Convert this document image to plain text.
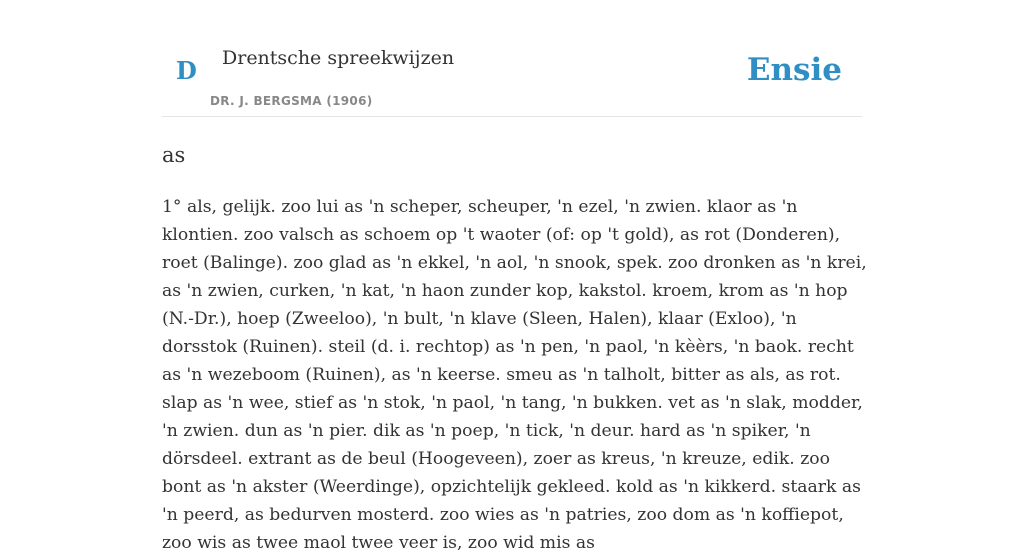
D Drentsche spreekwijzen
DR. J. BERGSMA (1906)
Ensie
as

1° als, gelijk. zoo lui as 'n scheper, scheuper, 'n ezel, 'n zwien. klaor as 'n klontien. zoo valsch as schoem op 't waoter (of: op 't gold), as rot (Donderen), roet (Balinge). zoo glad as 'n ekkel, 'n aol, 'n snook, spek. zoo dronken as 'n krei, as 'n zwien, curken, 'n kat, 'n haon zunder kop, kakstol. kroem, krom as 'n hop (N.-Dr.), hoep (Zweeloo), 'n bult, 'n klave (Sleen, Halen), klaar (Exloo), 'n dorsstok (Ruinen). steil (d. i. rechtop) as 'n pen, 'n paol, 'n kèèrs, 'n baok. recht as 'n wezeboom (Ruinen), as 'n keerse. smeu as 'n talholt, bitter as als, as rot. slap as 'n wee, stief as 'n stok, 'n paol, 'n tang, 'n bukken. vet as 'n slak, modder, 'n zwien. dun as 'n pier. dik as 'n poep, 'n tick, 'n deur. hard as 'n spiker, 'n dörsdeel. extrant as de beul (Hoogeveen), zoer as kreus, 'n kreuze, edik. zoo bont as 'n akster (Weerdinge), opzichtelijk gekleed. kold as 'n kikkerd. staark as 'n peerd, as bedurven mosterd. zoo wies as 'n patries, zoo dom as 'n koffiepot, zoo wis as twee maol twee veer is, zoo wid mis as
